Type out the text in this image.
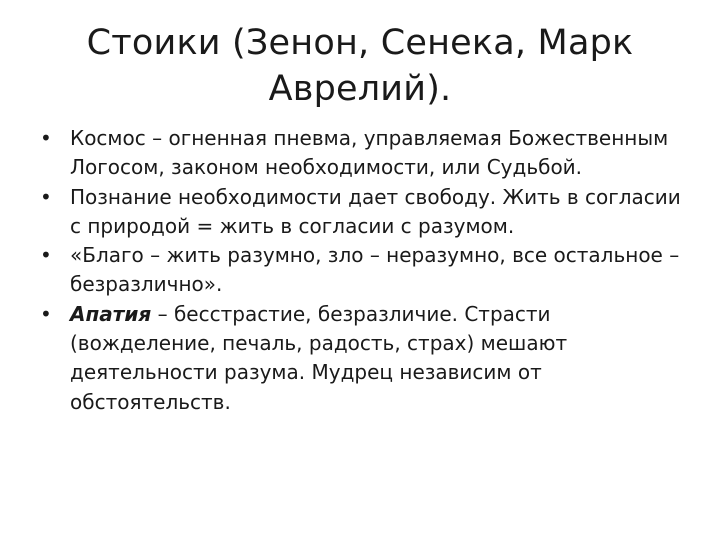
Стоики (Зенон, Сенека, Марк Аврелий).
• Космос – огненная пневма, управляемая Божественным Логосом, законом необходимости, или Судьбой.
• Познание необходимости дает свободу. Жить в согласии с природой = жить в согласии с разумом.
• «Благо – жить разумно, зло – неразумно, все остальное – безразлично».
• Апатия – бесстрастие, безразличие. Страсти (вожделение, печаль, радость, страх) мешают деятельности разума. Мудрец независим от обстоятельств.
